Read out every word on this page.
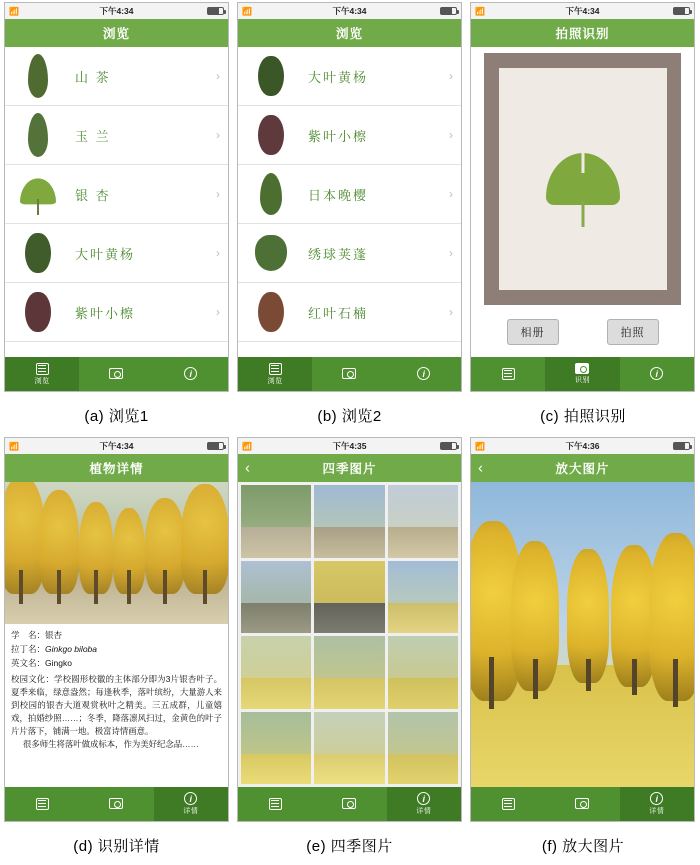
📶	下午4:34
浏览
山 茶	›
玉 兰	›
银 杏	›
大叶黄杨	›
紫叶小檫	›
浏览
i
📶	下午4:34
浏览
大叶黄杨	›
紫叶小檫	›
日本晚樱	›
绣球荚蓬	›
红叶石楠	›
浏览
i
📶	下午4:34
拍照识别
相册	拍照
识别
i
(a) 浏览1	(b) 浏览2	(c) 拍照识别
📶	下午4:34
植物详情
学　名：银杏
拉丁名：Ginkgo biloba
英文名：Gingko
校园文化：学校圆形校徽的主体部分即为3片银杏叶子。夏季来临，绿意盎然；每逢秋季，落叶缤纷，大量游人来到校园的银杏大道观赏秋叶之精美。三五成群，儿童嬉戏，拍婚纱照……；冬季，降落凛风扫过，金黄色的叶子片片落下，铺满一地。极富诗情画意。
很多师生将落叶做成标本，作为美好纪念品……
i
详情
📶	下午4:35
‹	四季图片
i
详情
📶	下午4:36
‹	放大图片
i
详情
(d) 识别详情	(e) 四季图片	(f) 放大图片
